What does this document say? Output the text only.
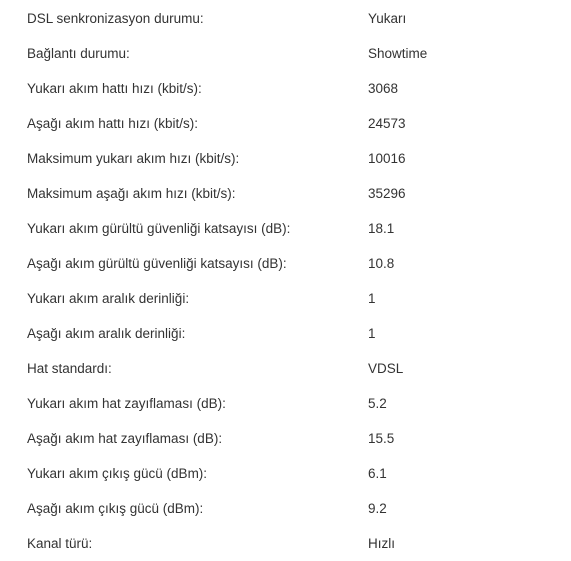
DSL senkronizasyon durumu:	Yukarı
Bağlantı durumu:	Showtime
Yukarı akım hattı hızı (kbit/s):	3068
Aşağı akım hattı hızı (kbit/s):	24573
Maksimum yukarı akım hızı (kbit/s):	10016
Maksimum aşağı akım hızı (kbit/s):	35296
Yukarı akım gürültü güvenliği katsayısı (dB):	18.1
Aşağı akım gürültü güvenliği katsayısı (dB):	10.8
Yukarı akım aralık derinliği:	1
Aşağı akım aralık derinliği:	1
Hat standardı:	VDSL
Yukarı akım hat zayıflaması (dB):	5.2
Aşağı akım hat zayıflaması (dB):	15.5
Yukarı akım çıkış gücü (dBm):	6.1
Aşağı akım çıkış gücü (dBm):	9.2
Kanal türü:	Hızlı
